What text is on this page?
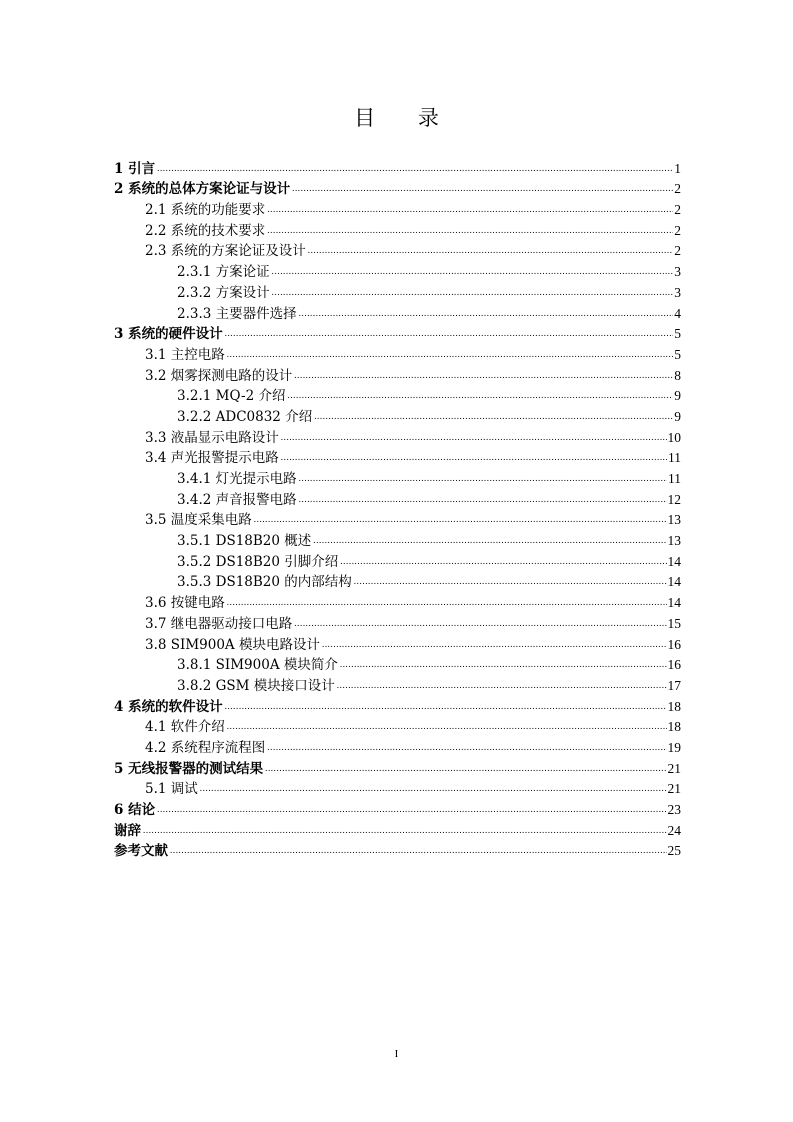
目 录
1 引言 .....	1
2 系统的总体方案论证与设计 .....	2
2.1 系统的功能要求 .....	2
2.2 系统的技术要求 .....	2
2.3 系统的方案论证及设计 .....	2
2.3.1 方案论证 .....	3
2.3.2 方案设计 .....	3
2.3.3 主要器件选择 .....	4
3 系统的硬件设计 .....	5
3.1 主控电路 .....	5
3.2 烟雾探测电路的设计 .....	8
3.2.1 MQ-2 介绍 .....	9
3.2.2 ADC0832 介绍 .....	9
3.3 液晶显示电路设计 .....	10
3.4 声光报警提示电路 .....	11
3.4.1 灯光提示电路 .....	11
3.4.2 声音报警电路 .....	12
3.5 温度采集电路 .....	13
3.5.1 DS18B20 概述 .....	13
3.5.2 DS18B20 引脚介绍 .....	14
3.5.3 DS18B20 的内部结构 .....	14
3.6 按键电路 .....	14
3.7 继电器驱动接口电路 .....	15
3.8 SIM900A 模块电路设计 .....	16
3.8.1 SIM900A 模块简介 .....	16
3.8.2 GSM 模块接口设计 .....	17
4 系统的软件设计 .....	18
4.1 软件介绍 .....	18
4.2 系统程序流程图 .....	19
5 无线报警器的测试结果 .....	21
5.1 调试 .....	21
6 结论 .....	23
谢辞 .....	24
参考文献 .....	25
I
